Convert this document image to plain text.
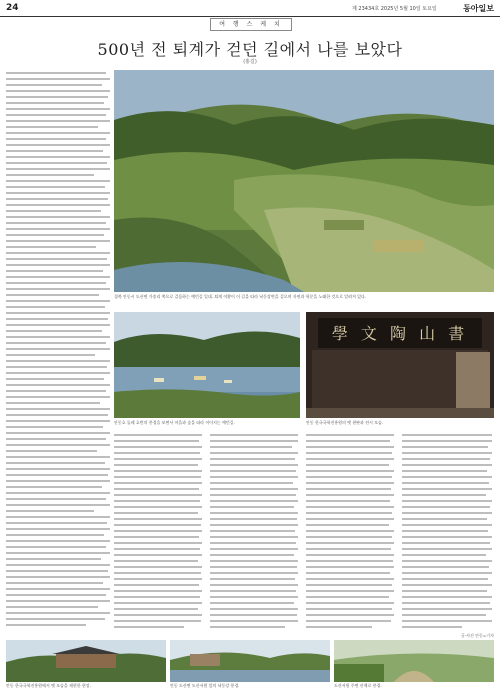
24	제 23434호 2025년 5월 10일 토요일	동아일보
여 행 스 케 치
500년 전 퇴계가 걷던 길에서 나를 보았다
(홍길)
경북 안동시 도산면 가송리 쪽으로 걸음하는 예던길 일대. 퇴계 이황이 이 길을 따라 낙동강변을 걸으며 자연과 학문을 노래한 것으로 알려져 있다.
안동호 둘레 호반의 풍경을 보면서 마을과 숲을 따라 이어지는 예던길.
學 文 陶 山 書
안동 한국국학진흥원의 옛 현판과 전시 모습.
글·사진 안동=기자
안동 한국국학진흥원에서 옛 모습을 재현한 현장.	안동 도산면 도산서원 앞의 낙동강 풍경.	도산서원 주변 산책로 풍경.
